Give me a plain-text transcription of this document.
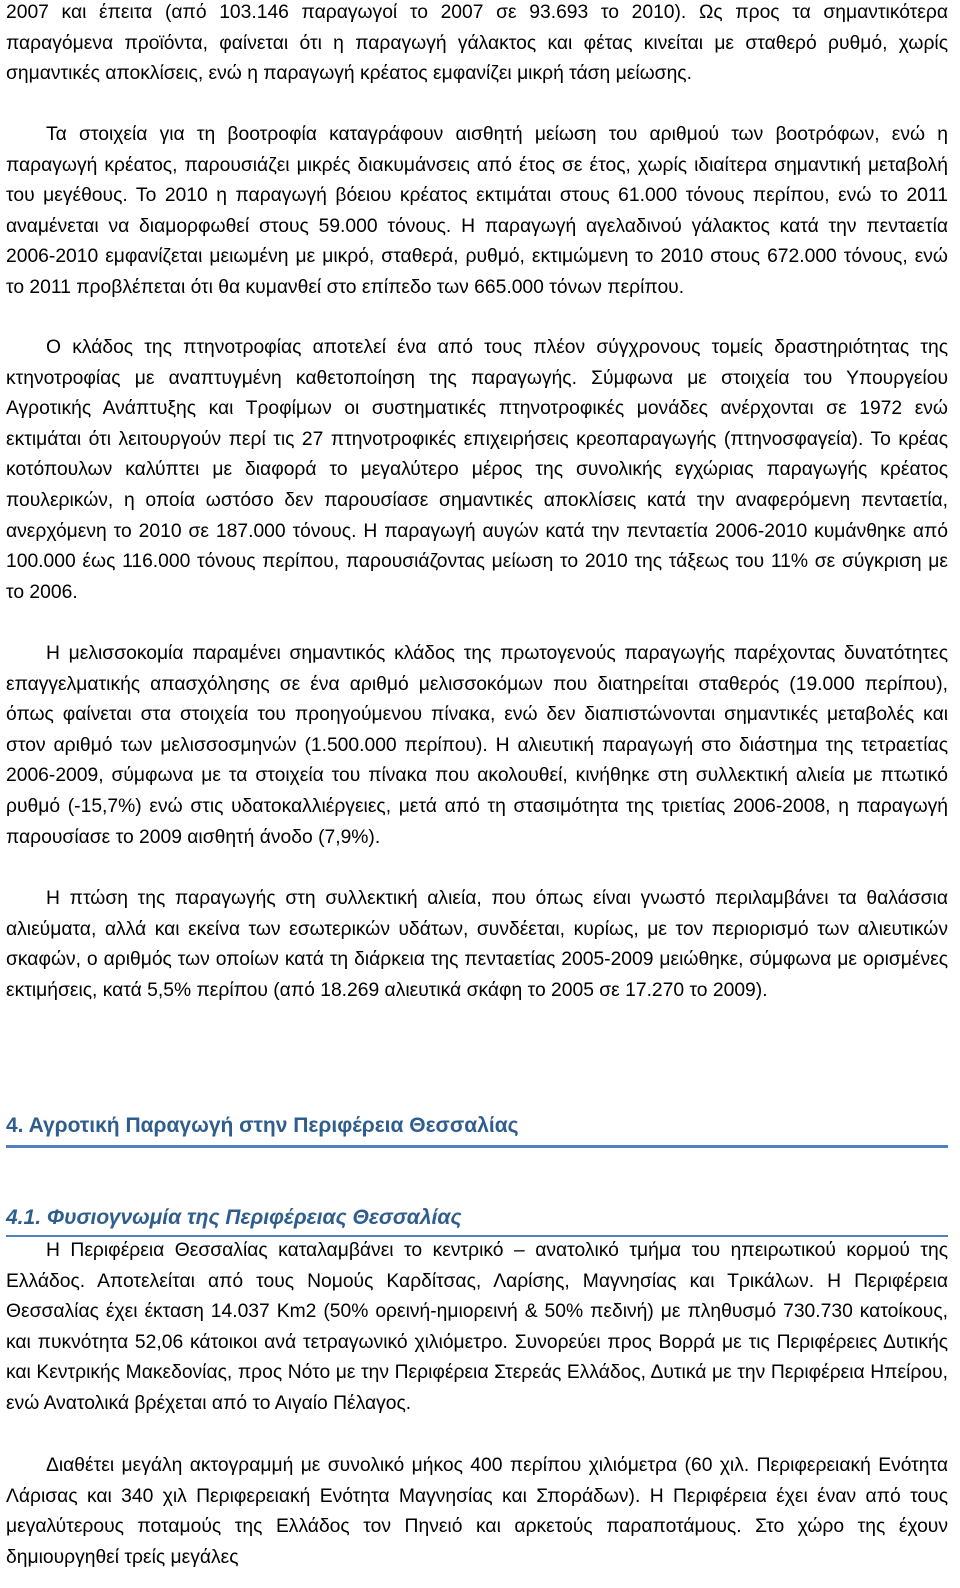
2007 και έπειτα (από 103.146 παραγωγοί το 2007 σε 93.693 το 2010). Ως προς τα σημαντικότερα παραγόμενα προϊόντα, φαίνεται ότι η παραγωγή γάλακτος και φέτας κινείται με σταθερό ρυθμό, χωρίς σημαντικές αποκλίσεις, ενώ η παραγωγή κρέατος εμφανίζει μικρή τάση μείωσης.

Τα στοιχεία για τη βοοτροφία καταγράφουν αισθητή μείωση του αριθμού των βοοτρόφων, ενώ η παραγωγή κρέατος, παρουσιάζει μικρές διακυμάνσεις από έτος σε έτος, χωρίς ιδιαίτερα σημαντική μεταβολή του μεγέθους. Το 2010 η παραγωγή βόειου κρέατος εκτιμάται στους 61.000 τόνους περίπου, ενώ το 2011 αναμένεται να διαμορφωθεί στους 59.000 τόνους. Η παραγωγή αγελαδινού γάλακτος κατά την πενταετία 2006-2010 εμφανίζεται μειωμένη με μικρό, σταθερά, ρυθμό, εκτιμώμενη το 2010 στους 672.000 τόνους, ενώ το 2011 προβλέπεται ότι θα κυμανθεί στο επίπεδο των 665.000 τόνων περίπου.

Ο κλάδος της πτηνοτροφίας αποτελεί ένα από τους πλέον σύγχρονους τομείς δραστηριότητας της κτηνοτροφίας με αναπτυγμένη καθετοποίηση της παραγωγής. Σύμφωνα με στοιχεία του Υπουργείου Αγροτικής Ανάπτυξης και Τροφίμων οι συστηματικές πτηνοτροφικές μονάδες ανέρχονται σε 1972 ενώ εκτιμάται ότι λειτουργούν περί τις 27 πτηνοτροφικές επιχειρήσεις κρεοπαραγωγής (πτηνοσφαγεία). Το κρέας κοτόπουλων καλύπτει με διαφορά το μεγαλύτερο μέρος της συνολικής εγχώριας παραγωγής κρέατος πουλερικών, η οποία ωστόσο δεν παρουσίασε σημαντικές αποκλίσεις κατά την αναφερόμενη πενταετία, ανερχόμενη το 2010 σε 187.000 τόνους. Η παραγωγή αυγών κατά την πενταετία 2006-2010 κυμάνθηκε από 100.000 έως 116.000 τόνους περίπου, παρουσιάζοντας μείωση το 2010 της τάξεως του 11% σε σύγκριση με το 2006.

Η μελισσοκομία παραμένει σημαντικός κλάδος της πρωτογενούς παραγωγής παρέχοντας δυνατότητες επαγγελματικής απασχόλησης σε ένα αριθμό μελισσοκόμων που διατηρείται σταθερός (19.000 περίπου), όπως φαίνεται στα στοιχεία του προηγούμενου πίνακα, ενώ δεν διαπιστώνονται σημαντικές μεταβολές και στον αριθμό των μελισσοσμηνών (1.500.000 περίπου). Η αλιευτική παραγωγή στο διάστημα της τετραετίας 2006-2009, σύμφωνα με τα στοιχεία του πίνακα που ακολουθεί, κινήθηκε στη συλλεκτική αλιεία με πτωτικό ρυθμό (-15,7%) ενώ στις υδατοκαλλιέργειες, μετά από τη στασιμότητα της τριετίας 2006-2008, η παραγωγή παρουσίασε το 2009 αισθητή άνοδο (7,9%).

Η πτώση της παραγωγής στη συλλεκτική αλιεία, που όπως είναι γνωστό περιλαμβάνει τα θαλάσσια αλιεύματα, αλλά και εκείνα των εσωτερικών υδάτων, συνδέεται, κυρίως, με τον περιορισμό των αλιευτικών σκαφών, ο αριθμός των οποίων κατά τη διάρκεια της πενταετίας 2005-2009 μειώθηκε, σύμφωνα με ορισμένες εκτιμήσεις, κατά 5,5% περίπου (από 18.269 αλιευτικά σκάφη το 2005 σε 17.270 το 2009).

4. Αγροτική Παραγωγή στην Περιφέρεια Θεσσαλίας
4.1. Φυσιογνωμία της Περιφέρειας Θεσσαλίας

Η Περιφέρεια Θεσσαλίας καταλαμβάνει το κεντρικό – ανατολικό τμήμα του ηπειρωτικού κορμού της Ελλάδος. Αποτελείται από τους Νομούς Καρδίτσας, Λαρίσης, Μαγνησίας και Τρικάλων. Η Περιφέρεια Θεσσαλίας έχει έκταση 14.037 Km2 (50% ορεινή-ημιορεινή & 50% πεδινή) με πληθυσμό 730.730 κατοίκους, και πυκνότητα 52,06 κάτοικοι ανά τετραγωνικό χιλιόμετρο. Συνορεύει προς Βορρά με τις Περιφέρειες Δυτικής και Κεντρικής Μακεδονίας, προς Νότο με την Περιφέρεια Στερεάς Ελλάδος, Δυτικά με την Περιφέρεια Ηπείρου, ενώ Ανατολικά βρέχεται από το Αιγαίο Πέλαγος.

Διαθέτει μεγάλη ακτογραμμή με συνολικό μήκος 400 περίπου χιλιόμετρα (60 χιλ. Περιφερειακή Ενότητα Λάρισας και 340 χιλ Περιφερειακή Ενότητα Μαγνησίας και Σποράδων). Η Περιφέρεια έχει έναν από τους μεγαλύτερους ποταμούς της Ελλάδος τον Πηνειό και αρκετούς παραποτάμους. Στο χώρο της έχουν δημιουργηθεί τρείς μεγάλες
